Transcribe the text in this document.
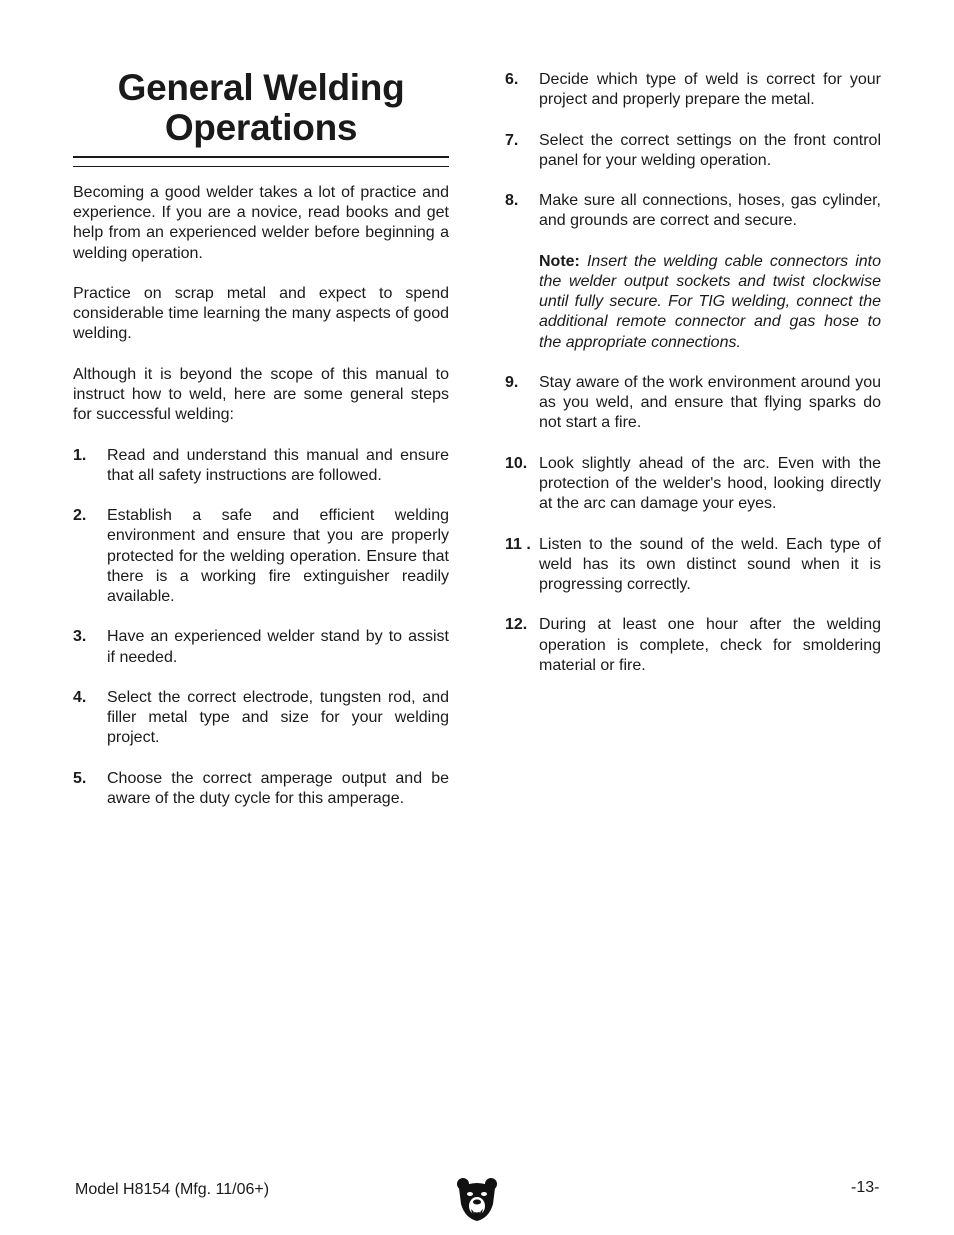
General Welding
Operations

Becoming a good welder takes a lot of practice and experience. If you are a novice, read books and get help from an experienced welder before beginning a welding operation.

Practice on scrap metal and expect to spend considerable time learning the many aspects of good welding.

Although it is beyond the scope of this manual to instruct how to weld, here are some general steps for successful welding:

1.	Read and understand this manual and ensure that all safety instructions are followed.
2.	Establish a safe and efficient welding environment and ensure that you are properly protected for the welding operation. Ensure that there is a working fire extinguisher readily available.
3.	Have an experienced welder stand by to assist if needed.
4.	Select the correct electrode, tungsten rod, and filler metal type and size for your welding project.
5.	Choose the correct amperage output and be aware of the duty cycle for this amperage.
6.	Decide which type of weld is correct for your project and properly prepare the metal.
7.	Select the correct settings on the front control panel for your welding operation.
8.	Make sure all connections, hoses, gas cylinder, and grounds are correct and secure.
Note: Insert the welding cable connectors into the welder output sockets and twist clockwise until fully secure. For TIG welding, connect the additional remote connector and gas hose to the appropriate connections.
9.	Stay aware of the work environment around you as you weld, and ensure that flying sparks do not start a fire.
10. Look slightly ahead of the arc. Even with the protection of the welder's hood, looking directly at the arc can damage your eyes.
11 . Listen to the sound of the weld. Each type of weld has its own distinct sound when it is progressing correctly.
12. During at least one hour after the welding operation is complete, check for smoldering material or fire.
Model H8154 (Mfg. 11/06+)	-13-
